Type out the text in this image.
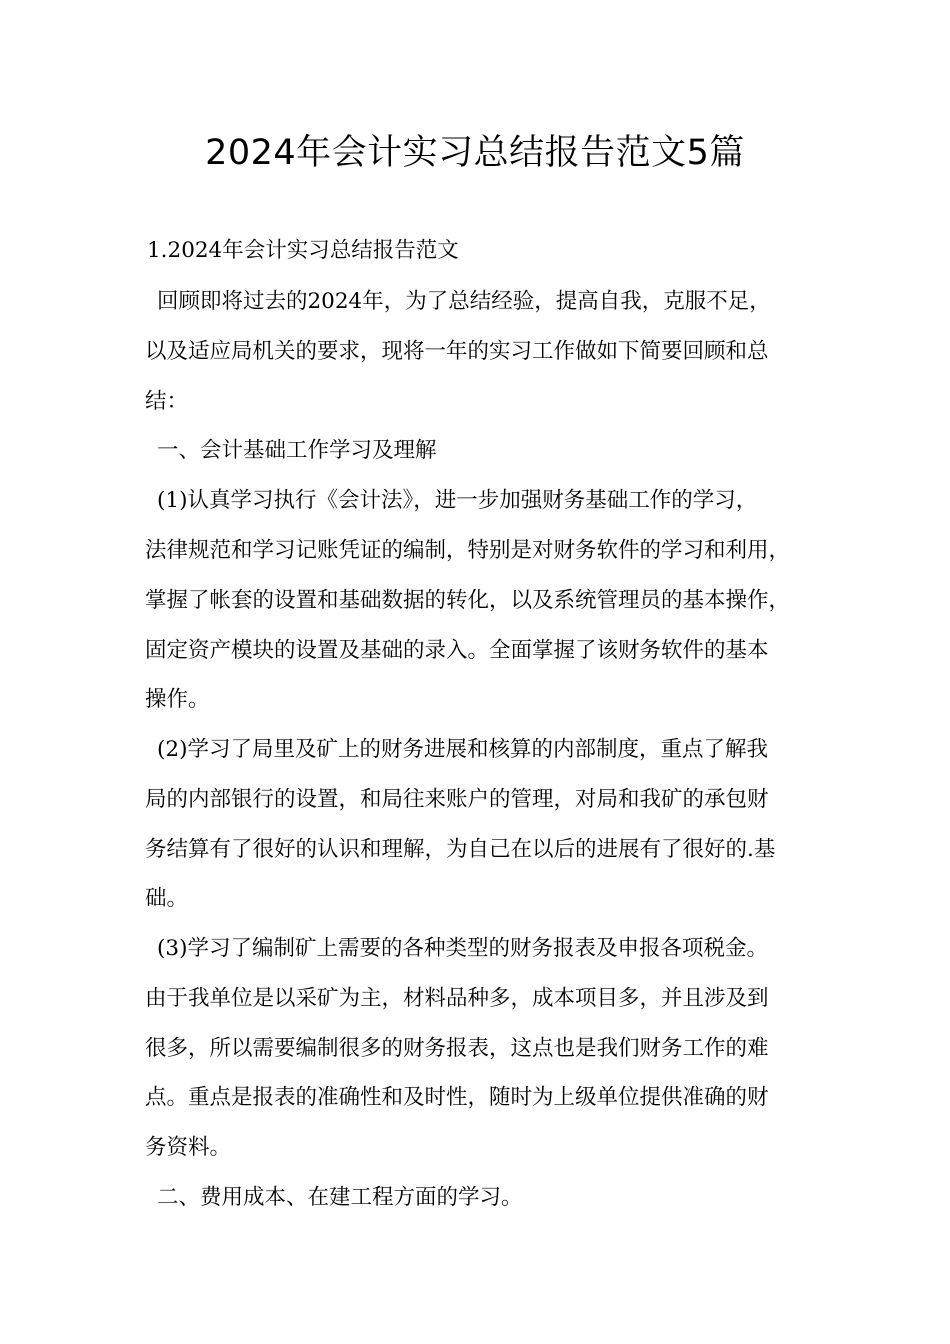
2024年会计实习总结报告范文5篇

1.2024年会计实习总结报告范文

回顾即将过去的2024年，为了总结经验，提高自我，克服不足，

以及适应局机关的要求，现将一年的实习工作做如下简要回顾和总

结：

一、会计基础工作学习及理解

(1)认真学习执行《会计法》，进一步加强财务基础工作的学习，

法律规范和学习记账凭证的编制，特别是对财务软件的学习和利用，

掌握了帐套的设置和基础数据的转化，以及系统管理员的基本操作，

固定资产模块的设置及基础的录入。全面掌握了该财务软件的基本

操作。

(2)学习了局里及矿上的财务进展和核算的内部制度，重点了解我

局的内部银行的设置，和局往来账户的管理，对局和我矿的承包财

务结算有了很好的认识和理解，为自己在以后的进展有了很好的.基

础。

(3)学习了编制矿上需要的各种类型的财务报表及申报各项税金。

由于我单位是以采矿为主，材料品种多，成本项目多，并且涉及到

很多，所以需要编制很多的财务报表，这点也是我们财务工作的难

点。重点是报表的准确性和及时性，随时为上级单位提供准确的财

务资料。

二、费用成本、在建工程方面的学习。
